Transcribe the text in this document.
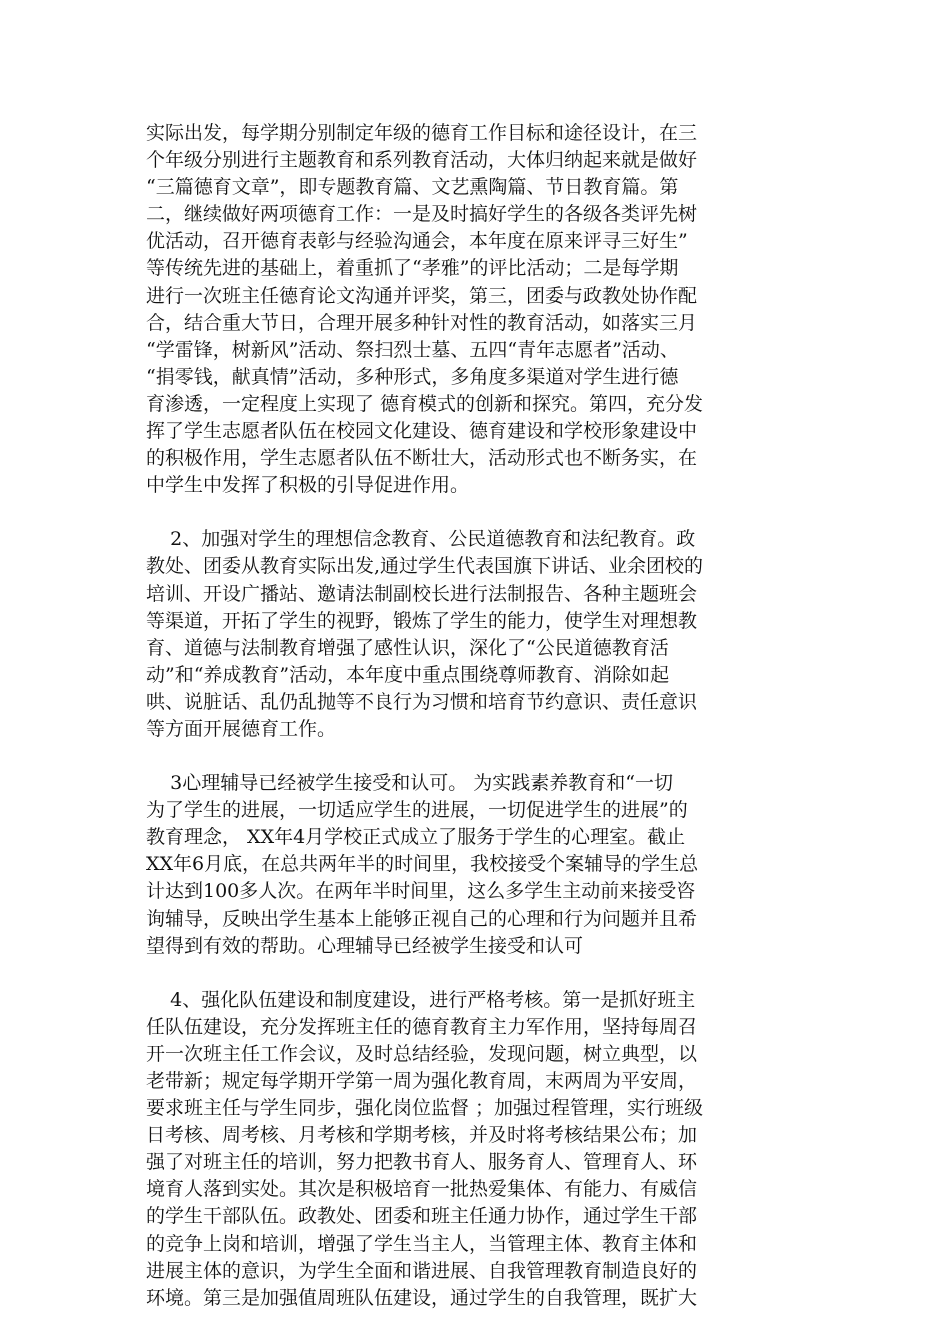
实际出发，每学期分别制定年级的德育工作目标和途径设计，在三
个年级分别进行主题教育和系列教育活动，大体归纳起来就是做好
“三篇德育文章”，即专题教育篇、文艺熏陶篇、节日教育篇。第
二，继续做好两项德育工作：一是及时搞好学生的各级各类评先树
优活动，召开德育表彰与经验沟通会，本年度在原来评寻三好生”
等传统先进的基础上，着重抓了“孝雅”的评比活动；二是每学期
进行一次班主任德育论文沟通并评奖，第三，团委与政教处协作配
合，结合重大节日，合理开展多种针对性的教育活动，如落实三月
“学雷锋，树新风”活动、祭扫烈士墓、五四“青年志愿者”活动、
“捐零钱，献真情”活动，多种形式，多角度多渠道对学生进行德
育渗透，一定程度上实现了 德育模式的创新和探究。第四，充分发
挥了学生志愿者队伍在校园文化建设、德育建设和学校形象建设中
的积极作用，学生志愿者队伍不断壮大，活动形式也不断务实，在
中学生中发挥了积极的引导促进作用。

2、加强对学生的理想信念教育、公民道德教育和法纪教育。政
教处、团委从教育实际出发,通过学生代表国旗下讲话、业余团校的
培训、开设广播站、邀请法制副校长进行法制报告、各种主题班会
等渠道，开拓了学生的视野，锻炼了学生的能力，使学生对理想教
育、道德与法制教育增强了感性认识，深化了“公民道德教育活
动”和“养成教育”活动，本年度中重点围绕尊师教育、消除如起
哄、说脏话、乱仍乱抛等不良行为习惯和培育节约意识、责任意识
等方面开展德育工作。

3心理辅导已经被学生接受和认可。 为实践素养教育和“一切
为了学生的进展，一切适应学生的进展，一切促进学生的进展”的
教育理念， XX年4月学校正式成立了服务于学生的心理室。截止
XX年6月底，在总共两年半的时间里，我校接受个案辅导的学生总
计达到100多人次。在两年半时间里，这么多学生主动前来接受咨
询辅导，反映出学生基本上能够正视自己的心理和行为问题并且希
望得到有效的帮助。心理辅导已经被学生接受和认可

4、强化队伍建设和制度建设，进行严格考核。第一是抓好班主
任队伍建设，充分发挥班主任的德育教育主力军作用，坚持每周召
开一次班主任工作会议，及时总结经验，发现问题，树立典型，以
老带新；规定每学期开学第一周为强化教育周，末两周为平安周，
要求班主任与学生同步，强化岗位监督 ；加强过程管理，实行班级
日考核、周考核、月考核和学期考核，并及时将考核结果公布；加
强了对班主任的培训，努力把教书育人、服务育人、管理育人、环
境育人落到实处。其次是积极培育一批热爱集体、有能力、有威信
的学生干部队伍。政教处、团委和班主任通力协作，通过学生干部
的竞争上岗和培训，增强了学生当主人，当管理主体、教育主体和
进展主体的意识，为学生全面和谐进展、自我管理教育制造良好的
环境。第三是加强值周班队伍建设，通过学生的自我管理，既扩大
